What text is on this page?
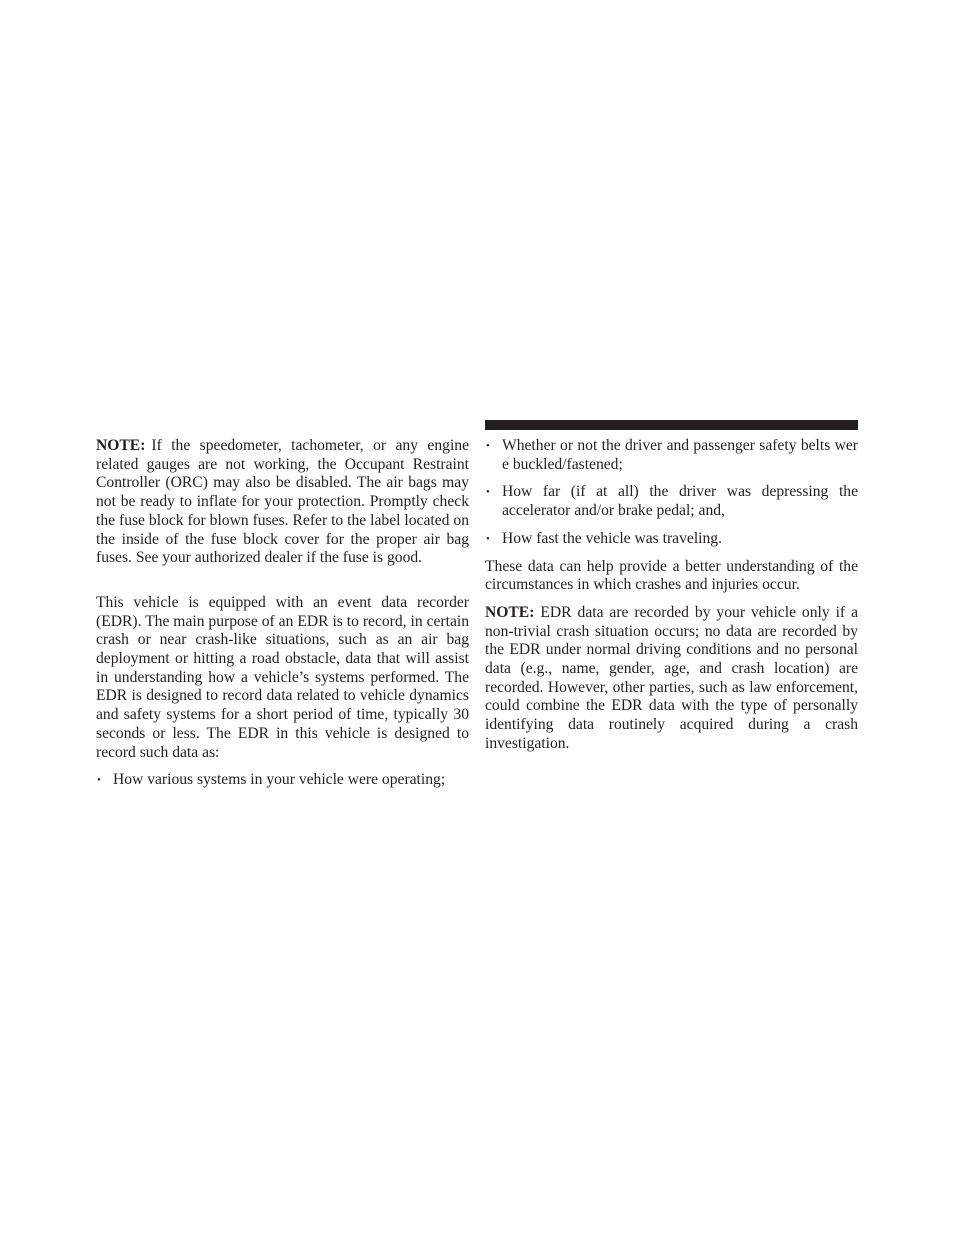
NOTE: If the speedometer, tachometer, or any engine related gauges are not working, the Occupant Restraint Controller (ORC) may also be disabled. The air bags may not be ready to inflate for your protection. Promptly check the fuse block for blown fuses. Refer to the label located on the inside of the fuse block cover for the proper air bag fuses. See your authorized dealer if the fuse is good.

This vehicle is equipped with an event data recorder (EDR). The main purpose of an EDR is to record, in certain crash or near crash-like situations, such as an air bag deployment or hitting a road obstacle, data that will assist in understanding how a vehicle’s systems performed. The EDR is designed to record data related to vehicle dynamics and safety systems for a short period of time, typically 30 seconds or less. The EDR in this vehicle is designed to record such data as:

• How various systems in your vehicle were operating;
• Whether or not the driver and passenger safety belts wer e buckled/fastened;
• How far (if at all) the driver was depressing the accelerator and/or brake pedal; and,
• How fast the vehicle was traveling.

These data can help provide a better understanding of the circumstances in which crashes and injuries occur.

NOTE: EDR data are recorded by your vehicle only if a non-trivial crash situation occurs; no data are recorded by the EDR under normal driving conditions and no personal data (e.g., name, gender, age, and crash location) are recorded. However, other parties, such as law enforcement, could combine the EDR data with the type of personally identifying data routinely acquired during a crash investigation.
